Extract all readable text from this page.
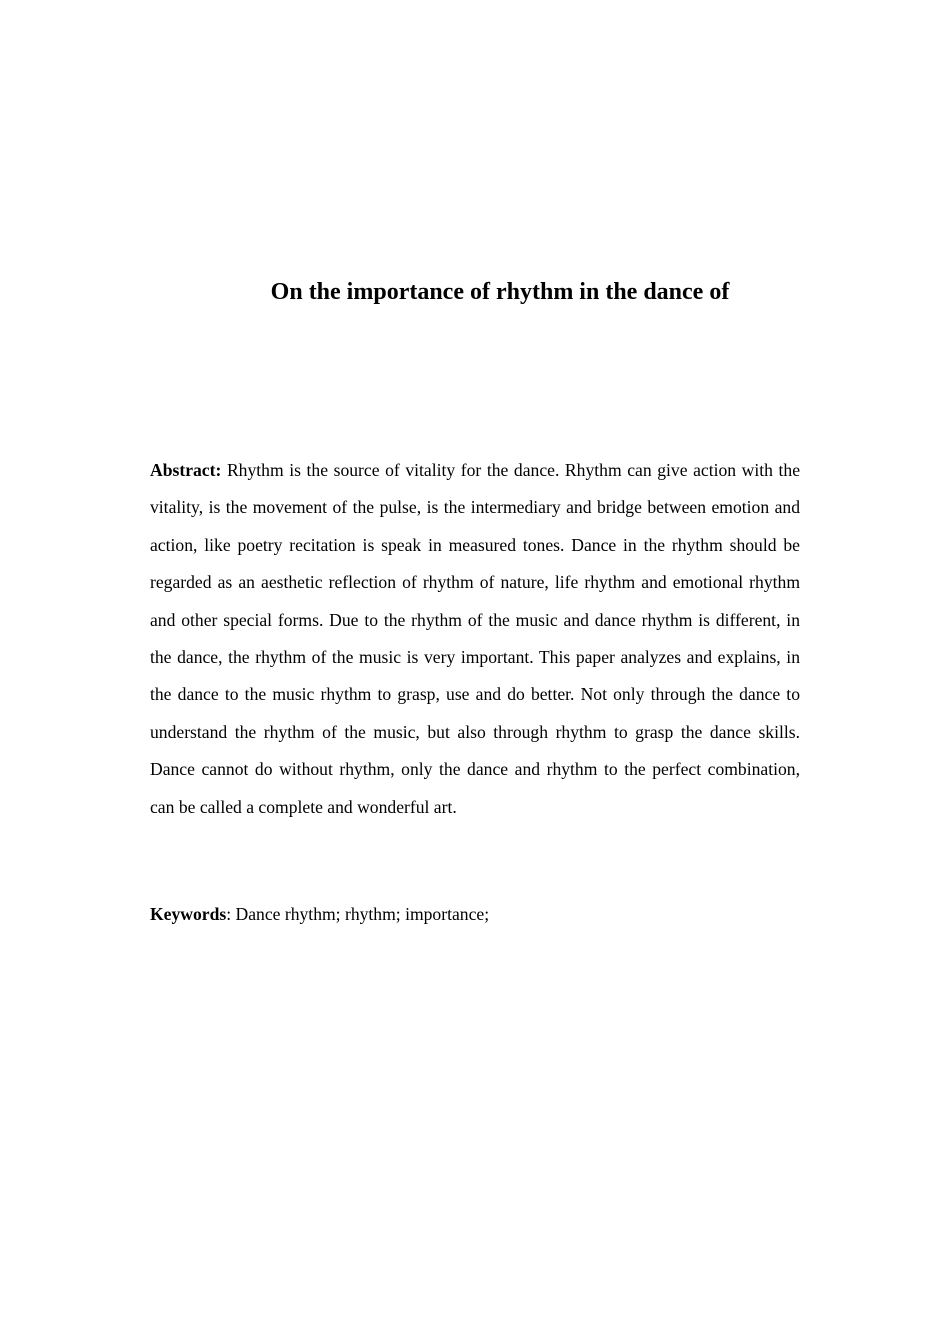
On the importance of rhythm in the dance of

Abstract: Rhythm is the source of vitality for the dance. Rhythm can give action with the vitality, is the movement of the pulse, is the intermediary and bridge between emotion and action, like poetry recitation is speak in measured tones. Dance in the rhythm should be regarded as an aesthetic reflection of rhythm of nature, life rhythm and emotional rhythm and other special forms. Due to the rhythm of the music and dance rhythm is different, in the dance, the rhythm of the music is very important. This paper analyzes and explains, in the dance to the music rhythm to grasp, use and do better. Not only through the dance to understand the rhythm of the music, but also through rhythm to grasp the dance skills. Dance cannot do without rhythm, only the dance and rhythm to the perfect combination, can be called a complete and wonderful art.

Keywords: Dance rhythm; rhythm; importance;
